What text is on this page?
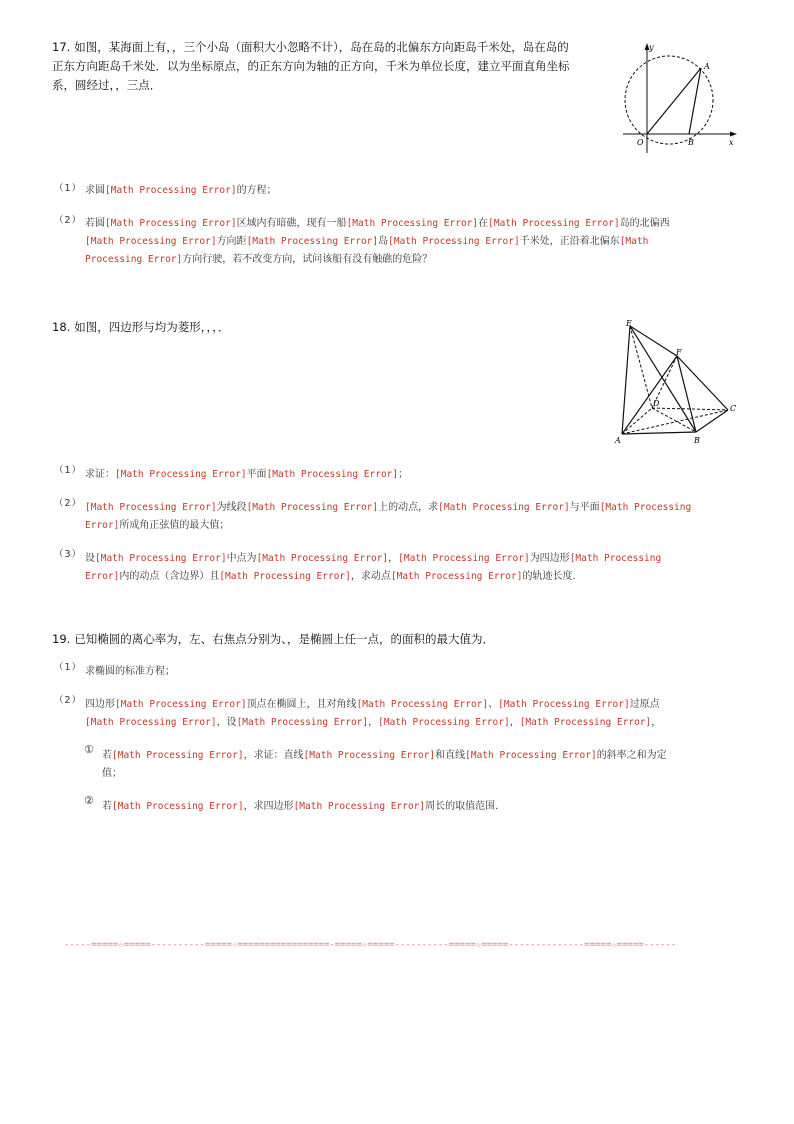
17. 如图，某海面上有，，三个小岛（面积大小忽略不计），岛在岛的北偏东方向距岛千米处，岛在岛的
正东方向距岛千米处．以为坐标原点，的正东方向为轴的正方向，千米为单位长度，建立平面直角坐标
系，圆经过，，三点．
y
A
O	B	x
（1） 求圆[Math Processing Error]的方程；
（2） 若圆[Math Processing Error]区域内有暗礁，现有一船[Math Processing Error]在[Math Processing Error]岛的北偏西
[Math Processing Error]方向距[Math Processing Error]岛[Math Processing Error]千米处，正沿着北偏东[Math
Processing Error]方向行驶，若不改变方向，试问该船有没有触礁的危险？
18. 如图，四边形与均为菱形，，，．	E
F
D
C
A	B
（1） 求证：[Math Processing Error]平面[Math Processing Error]；
（2） [Math Processing Error]为线段[Math Processing Error]上的动点，求[Math Processing Error]与平面[Math Processing
Error]所成角正弦值的最大值；
（3） 设[Math Processing Error]中点为[Math Processing Error]，[Math Processing Error]为四边形[Math Processing
Error]内的动点（含边界）且[Math Processing Error]，求动点[Math Processing Error]的轨迹长度．
19. 已知椭圆的离心率为，左、右焦点分别为、，是椭圆上任一点，的面积的最大值为．
（1） 求椭圆的标准方程；
（2） 四边形[Math Processing Error]顶点在椭圆上，且对角线[Math Processing Error]、[Math Processing Error]过原点
[Math Processing Error]，设[Math Processing Error]，[Math Processing Error]，[Math Processing Error]，
① 若[Math Processing Error]，求证：直线[Math Processing Error]和直线[Math Processing Error]的斜率之和为定
值；
② 若[Math Processing Error]，求四边形[Math Processing Error]周长的取值范围．
-----=====☆=====----------=====☆=================-=====☆=====----------=====☆=====--------------=====☆=====------
